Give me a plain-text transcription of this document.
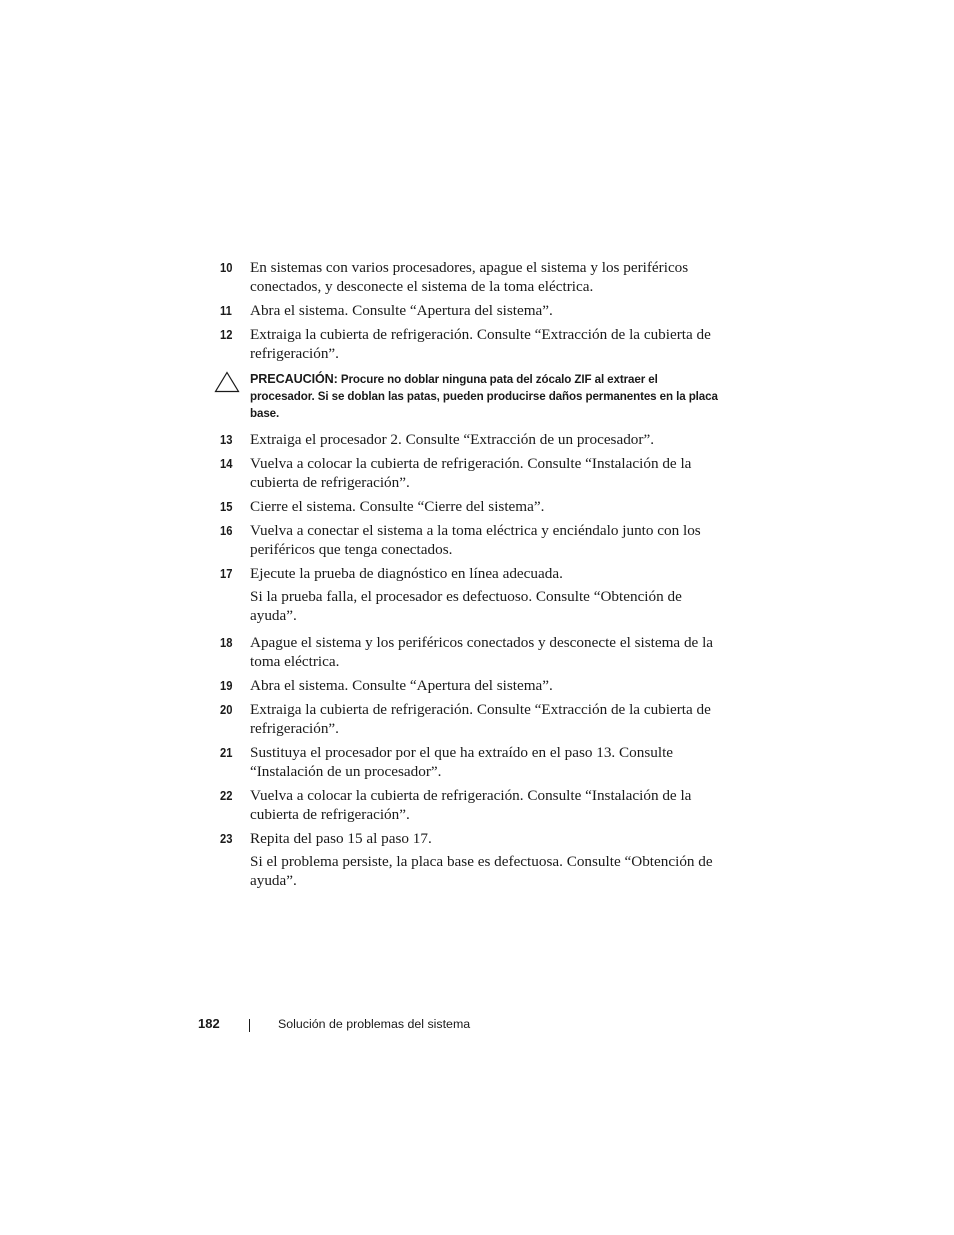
10 En sistemas con varios procesadores, apague el sistema y los periféricos conectados, y desconecte el sistema de la toma eléctrica.
11 Abra el sistema. Consulte “Apertura del sistema”.
12 Extraiga la cubierta de refrigeración. Consulte “Extracción de la cubierta de refrigeración”.
PRECAUCIÓN: Procure no doblar ninguna pata del zócalo ZIF al extraer el procesador. Si se doblan las patas, pueden producirse daños permanentes en la placa base.
13 Extraiga el procesador 2. Consulte “Extracción de un procesador”.
14 Vuelva a colocar la cubierta de refrigeración. Consulte “Instalación de la cubierta de refrigeración”.
15 Cierre el sistema. Consulte “Cierre del sistema”.
16 Vuelva a conectar el sistema a la toma eléctrica y enciéndalo junto con los periféricos que tenga conectados.
17 Ejecute la prueba de diagnóstico en línea adecuada.
Si la prueba falla, el procesador es defectuoso. Consulte “Obtención de ayuda”.
18 Apague el sistema y los periféricos conectados y desconecte el sistema de la toma eléctrica.
19 Abra el sistema. Consulte “Apertura del sistema”.
20 Extraiga la cubierta de refrigeración. Consulte “Extracción de la cubierta de refrigeración”.
21 Sustituya el procesador por el que ha extraído en el paso 13. Consulte “Instalación de un procesador”.
22 Vuelva a colocar la cubierta de refrigeración. Consulte “Instalación de la cubierta de refrigeración”.
23 Repita del paso 15 al paso 17.
Si el problema persiste, la placa base es defectuosa. Consulte “Obtención de ayuda”.
182	Solución de problemas del sistema
